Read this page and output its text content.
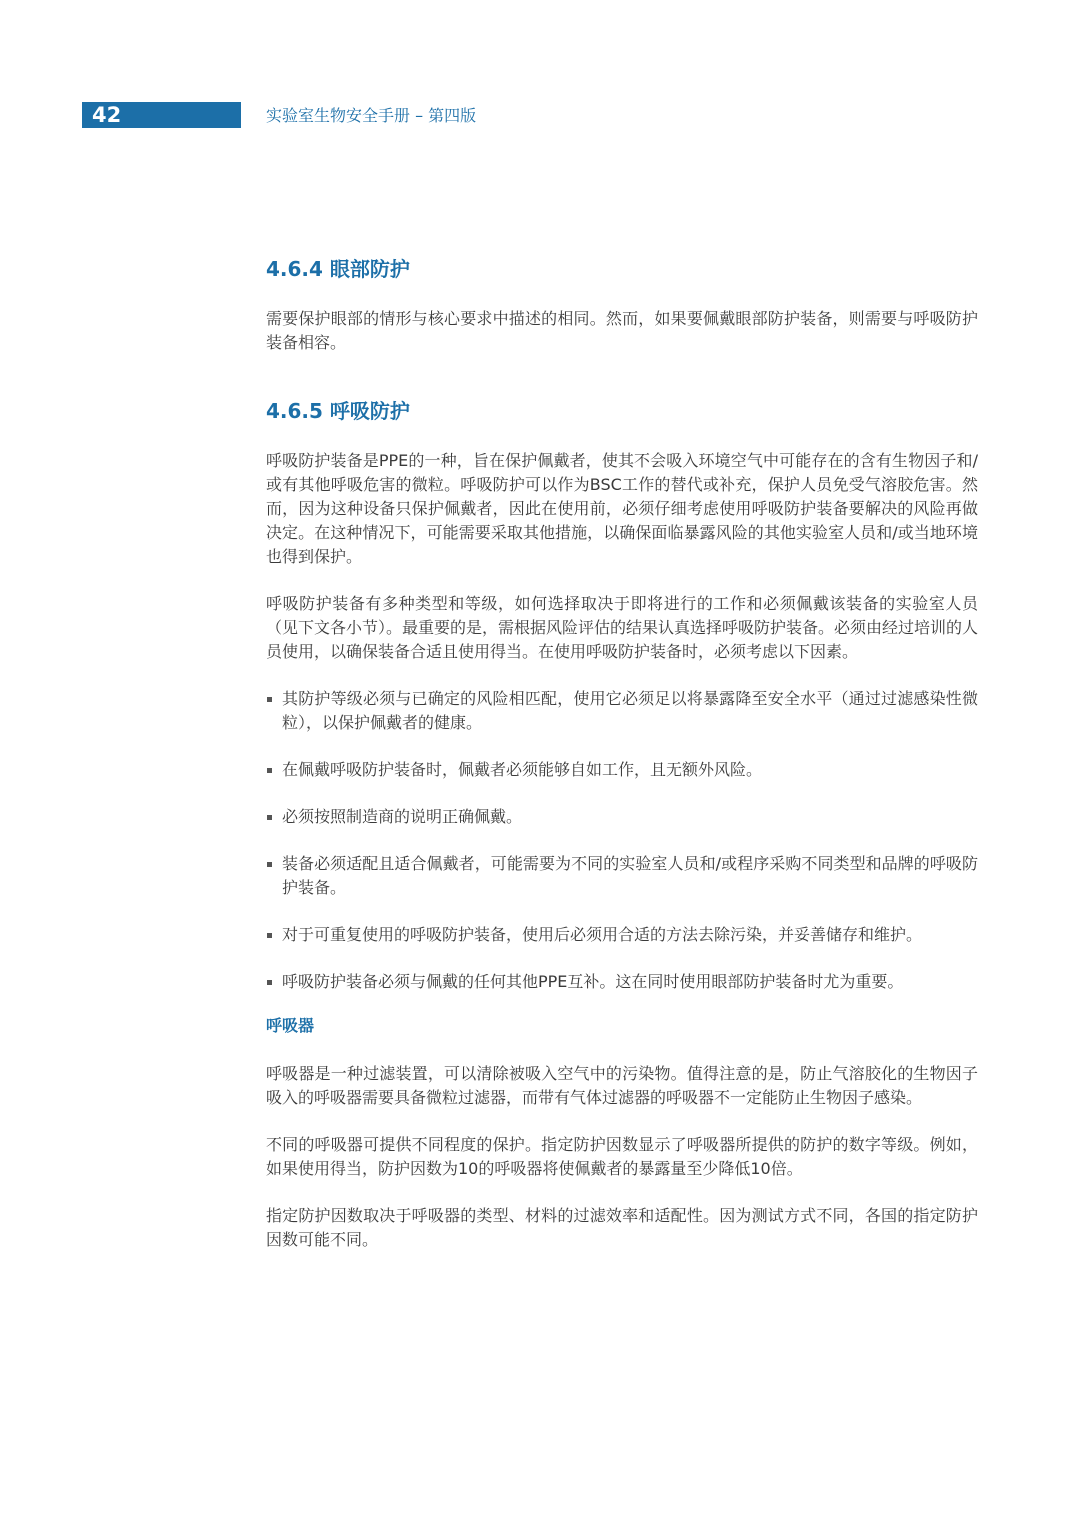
42	实验室生物安全手册 – 第四版
4.6.4 眼部防护

需要保护眼部的情形与核心要求中描述的相同。然而，如果要佩戴眼部防护装备，则需要与呼吸防护装备相容。

4.6.5 呼吸防护

呼吸防护装备是PPE的一种，旨在保护佩戴者，使其不会吸入环境空气中可能存在的含有生物因子和/或有其他呼吸危害的微粒。呼吸防护可以作为BSC工作的替代或补充，保护人员免受气溶胶危害。然而，因为这种设备只保护佩戴者，因此在使用前，必须仔细考虑使用呼吸防护装备要解决的风险再做决定。在这种情况下，可能需要采取其他措施，以确保面临暴露风险的其他实验室人员和/或当地环境也得到保护。

呼吸防护装备有多种类型和等级，如何选择取决于即将进行的工作和必须佩戴该装备的实验室人员（见下文各小节）。最重要的是，需根据风险评估的结果认真选择呼吸防护装备。必须由经过培训的人员使用，以确保装备合适且使用得当。在使用呼吸防护装备时，必须考虑以下因素。

其防护等级必须与已确定的风险相匹配，使用它必须足以将暴露降至安全水平（通过过滤感染性微粒），以保护佩戴者的健康。
在佩戴呼吸防护装备时，佩戴者必须能够自如工作，且无额外风险。
必须按照制造商的说明正确佩戴。
装备必须适配且适合佩戴者，可能需要为不同的实验室人员和/或程序采购不同类型和品牌的呼吸防护装备。
对于可重复使用的呼吸防护装备，使用后必须用合适的方法去除污染，并妥善储存和维护。
呼吸防护装备必须与佩戴的任何其他PPE互补。这在同时使用眼部防护装备时尤为重要。
呼吸器

呼吸器是一种过滤装置，可以清除被吸入空气中的污染物。值得注意的是，防止气溶胶化的生物因子吸入的呼吸器需要具备微粒过滤器，而带有气体过滤器的呼吸器不一定能防止生物因子感染。

不同的呼吸器可提供不同程度的保护。指定防护因数显示了呼吸器所提供的防护的数字等级。例如，如果使用得当，防护因数为10的呼吸器将使佩戴者的暴露量至少降低10倍。

指定防护因数取决于呼吸器的类型、材料的过滤效率和适配性。因为测试方式不同，各国的指定防护因数可能不同。
